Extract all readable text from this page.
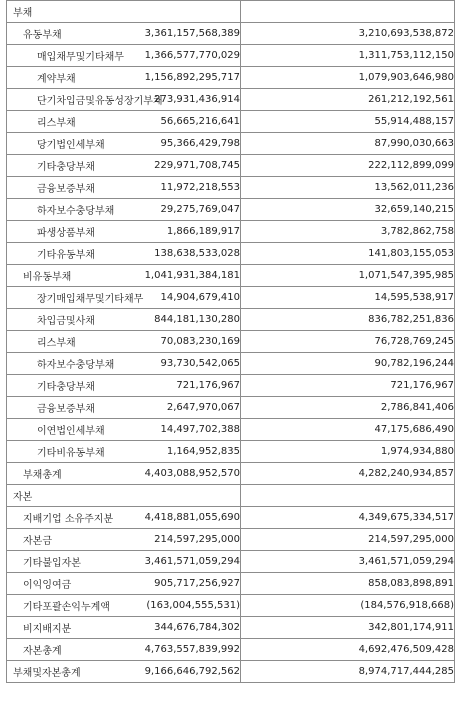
부채		
유동부채	3,361,157,568,389	3,210,693,538,872
매입채무및기타채무	1,366,577,770,029	1,311,753,112,150
계약부채	1,156,892,295,717	1,079,903,646,980
단기차입금및유동성장기부채	273,931,436,914	261,212,192,561
리스부채	56,665,216,641	55,914,488,157
당기법인세부채	95,366,429,798	87,990,030,663
기타충당부채	229,971,708,745	222,112,899,099
금융보증부채	11,972,218,553	13,562,011,236
하자보수충당부채	29,275,769,047	32,659,140,215
파생상품부채	1,866,189,917	3,782,862,758
기타유동부채	138,638,533,028	141,803,155,053
비유동부채	1,041,931,384,181	1,071,547,395,985
장기매입채무및기타채무	14,904,679,410	14,595,538,917
차입금및사채	844,181,130,280	836,782,251,836
리스부채	70,083,230,169	76,728,769,245
하자보수충당부채	93,730,542,065	90,782,196,244
기타충당부채	721,176,967	721,176,967
금융보증부채	2,647,970,067	2,786,841,406
이연법인세부채	14,497,702,388	47,175,686,490
기타비유동부채	1,164,952,835	1,974,934,880
부채총계	4,403,088,952,570	4,282,240,934,857
자본		
지배기업 소유주지분	4,418,881,055,690	4,349,675,334,517
자본금	214,597,295,000	214,597,295,000
기타불입자본	3,461,571,059,294	3,461,571,059,294
이익잉여금	905,717,256,927	858,083,898,891
기타포괄손익누계액	(163,004,555,531)	(184,576,918,668)
비지배지분	344,676,784,302	342,801,174,911
자본총계	4,763,557,839,992	4,692,476,509,428
부채및자본총계	9,166,646,792,562	8,974,717,444,285
